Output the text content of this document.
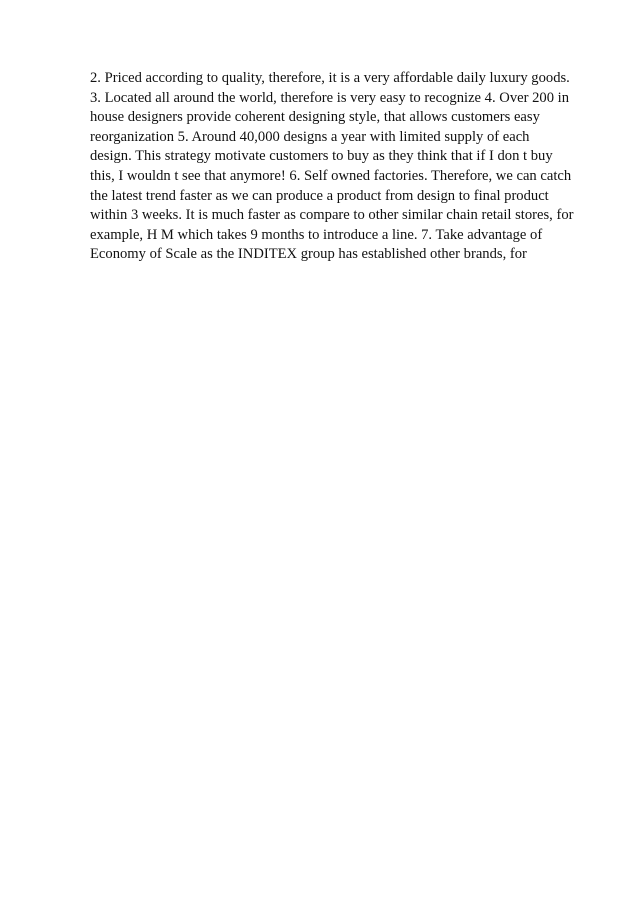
2. Priced according to quality, therefore, it is a very affordable daily luxury goods.
3. Located all around the world, therefore is very easy to recognize 4. Over 200 in
house designers provide coherent designing style, that allows customers easy
reorganization 5. Around 40,000 designs a year with limited supply of each
design. This strategy motivate customers to buy as they think that if I don t buy
this, I wouldn t see that anymore! 6. Self owned factories. Therefore, we can catch
the latest trend faster as we can produce a product from design to final product
within 3 weeks. It is much faster as compare to other similar chain retail stores, for
example, H M which takes 9 months to introduce a line. 7. Take advantage of
Economy of Scale as the INDITEX group has established other brands, for
